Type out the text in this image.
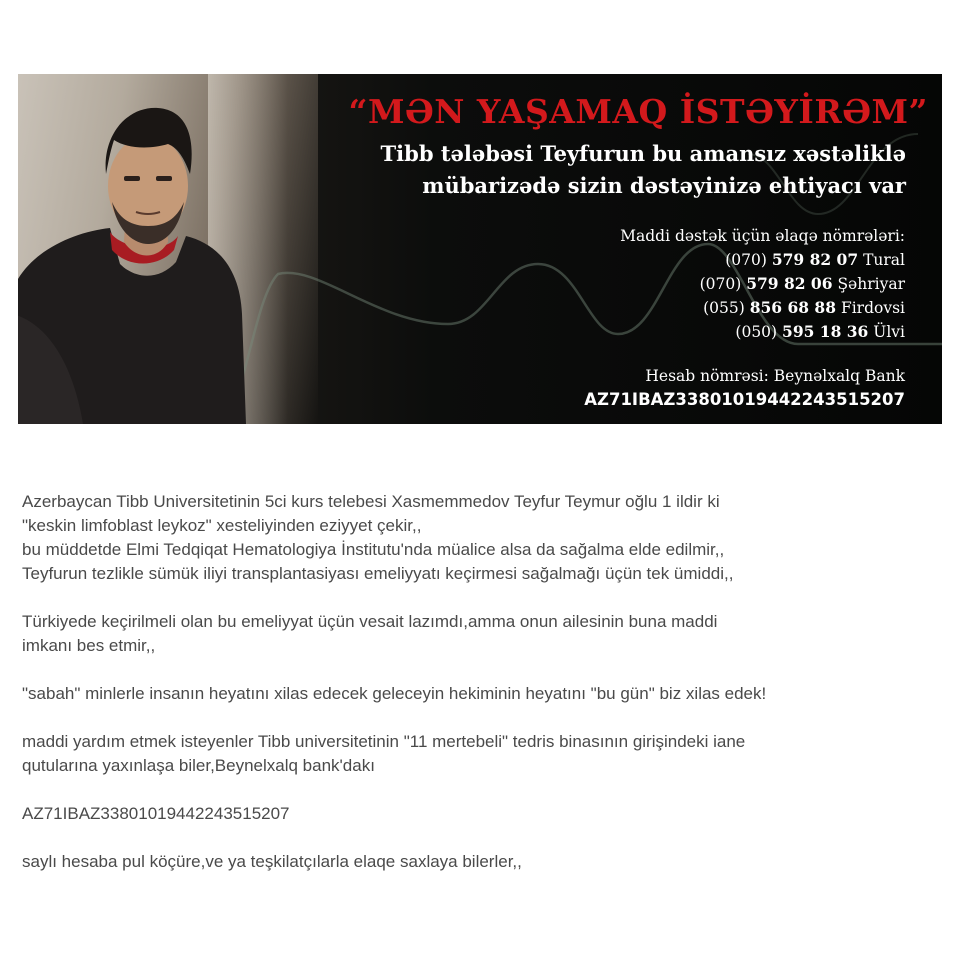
“MƏN YAŞAMAQ İSTƏYİRƏM”
Tibb tələbəsi Teyfurun bu amansız xəstəliklə
mübarizədə sizin dəstəyinizə ehtiyacı var
Maddi dəstək üçün əlaqə nömrələri:
(070) 579 82 07 Tural
(070) 579 82 06 Şəhriyar
(055) 856 68 88 Firdovsi
(050) 595 18 36 Ülvi
Hesab nömrəsi: Beynəlxalq Bank
AZ71IBAZ33801019442243515207

Azerbaycan Tibb Universitetinin 5ci kurs telebesi Xasmemmedov Teyfur Teymur oğlu 1 ildir ki

"keskin limfoblast leykoz" xesteliyinden eziyyet çekir,,

bu müddetde Elmi Tedqiqat Hematologiya İnstitutu'nda müalice alsa da sağalma elde edilmir,,

Teyfurun tezlikle sümük iliyi transplantasiyası emeliyyatı keçirmesi sağalmağı üçün tek ümiddi,,

Türkiyede keçirilmeli olan bu emeliyyat üçün vesait lazımdı,amma onun ailesinin buna maddi

imkanı bes etmir,,

"sabah" minlerle insanın heyatını xilas edecek geleceyin hekiminin heyatını "bu gün" biz xilas edek!

maddi yardım etmek isteyenler Tibb universitetinin "11 mertebeli" tedris binasının girişindeki iane

qutularına yaxınlaşa biler,Beynelxalq bank'dakı

AZ71IBAZ33801019442243515207

saylı hesaba pul köçüre,ve ya teşkilatçılarla elaqe saxlaya bilerler,,
